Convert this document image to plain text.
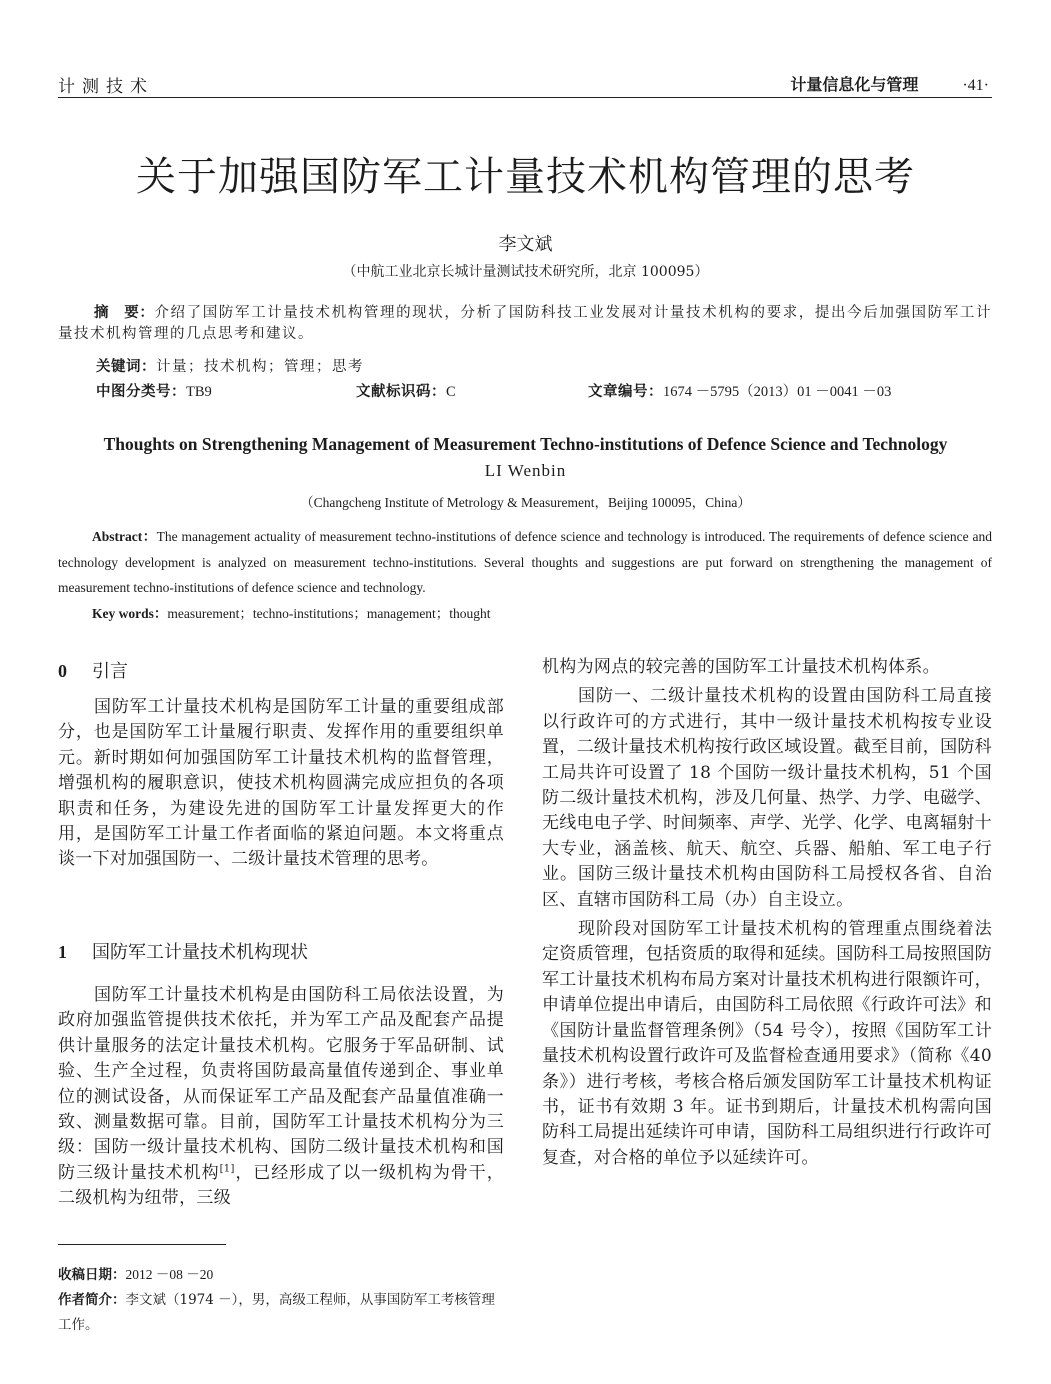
计测技术	计量信息化与管理	·41·
关于加强国防军工计量技术机构管理的思考
李文斌
（中航工业北京长城计量测试技术研究所，北京 100095）
摘　要：介绍了国防军工计量技术机构管理的现状，分析了国防科技工业发展对计量技术机构的要求，提出今后加强国防军工计量技术机构管理的几点思考和建议。
关键词：计量；技术机构；管理；思考
中图分类号：TB9	文献标识码：C	文章编号：1674 －5795（2013）01 －0041 －03
Thoughts on Strengthening Management of Measurement Techno-institutions of Defence Science and Technology
LI Wenbin
（Changcheng Institute of Metrology & Measurement，Beijing 100095，China）
Abstract：The management actuality of measurement techno-institutions of defence science and technology is introduced. The requirements of defence science and technology development is analyzed on measurement techno-institutions. Several thoughts and suggestions are put forward on strengthening the management of measurement techno-institutions of defence science and technology.
Key words：measurement；techno-institutions；management；thought
0 引言

国防军工计量技术机构是国防军工计量的重要组成部分，也是国防军工计量履行职责、发挥作用的重要组织单元。新时期如何加强国防军工计量技术机构的监督管理，增强机构的履职意识，使技术机构圆满完成应担负的各项职责和任务，为建设先进的国防军工计量发挥更大的作用，是国防军工计量工作者面临的紧迫问题。本文将重点谈一下对加强国防一、二级计量技术管理的思考。

1 国防军工计量技术机构现状

国防军工计量技术机构是由国防科工局依法设置，为政府加强监管提供技术依托，并为军工产品及配套产品提供计量服务的法定计量技术机构。它服务于军品研制、试验、生产全过程，负责将国防最高量值传递到企、事业单位的测试设备，从而保证军工产品及配套产品量值准确一致、测量数据可靠。目前，国防军工计量技术机构分为三级：国防一级计量技术机构、国防二级计量技术机构和国防三级计量技术机构[1]，已经形成了以一级机构为骨干，二级机构为纽带，三级

机构为网点的较完善的国防军工计量技术机构体系。

国防一、二级计量技术机构的设置由国防科工局直接以行政许可的方式进行，其中一级计量技术机构按专业设置，二级计量技术机构按行政区域设置。截至目前，国防科工局共许可设置了 18 个国防一级计量技术机构，51 个国防二级计量技术机构，涉及几何量、热学、力学、电磁学、无线电电子学、时间频率、声学、光学、化学、电离辐射十大专业，涵盖核、航天、航空、兵器、船舶、军工电子行业。国防三级计量技术机构由国防科工局授权各省、自治区、直辖市国防科工局（办）自主设立。

现阶段对国防军工计量技术机构的管理重点围绕着法定资质管理，包括资质的取得和延续。国防科工局按照国防军工计量技术机构布局方案对计量技术机构进行限额许可，申请单位提出申请后，由国防科工局依照《行政许可法》和《国防计量监督管理条例》（54 号令），按照《国防军工计量技术机构设置行政许可及监督检查通用要求》（简称《40 条》）进行考核，考核合格后颁发国防军工计量技术机构证书，证书有效期 3 年。证书到期后，计量技术机构需向国防科工局提出延续许可申请，国防科工局组织进行行政许可复查，对合格的单位予以延续许可。

收稿日期：2012 －08 －20
作者简介：李文斌（1974 －），男，高级工程师，从事国防军工考核管理工作。
